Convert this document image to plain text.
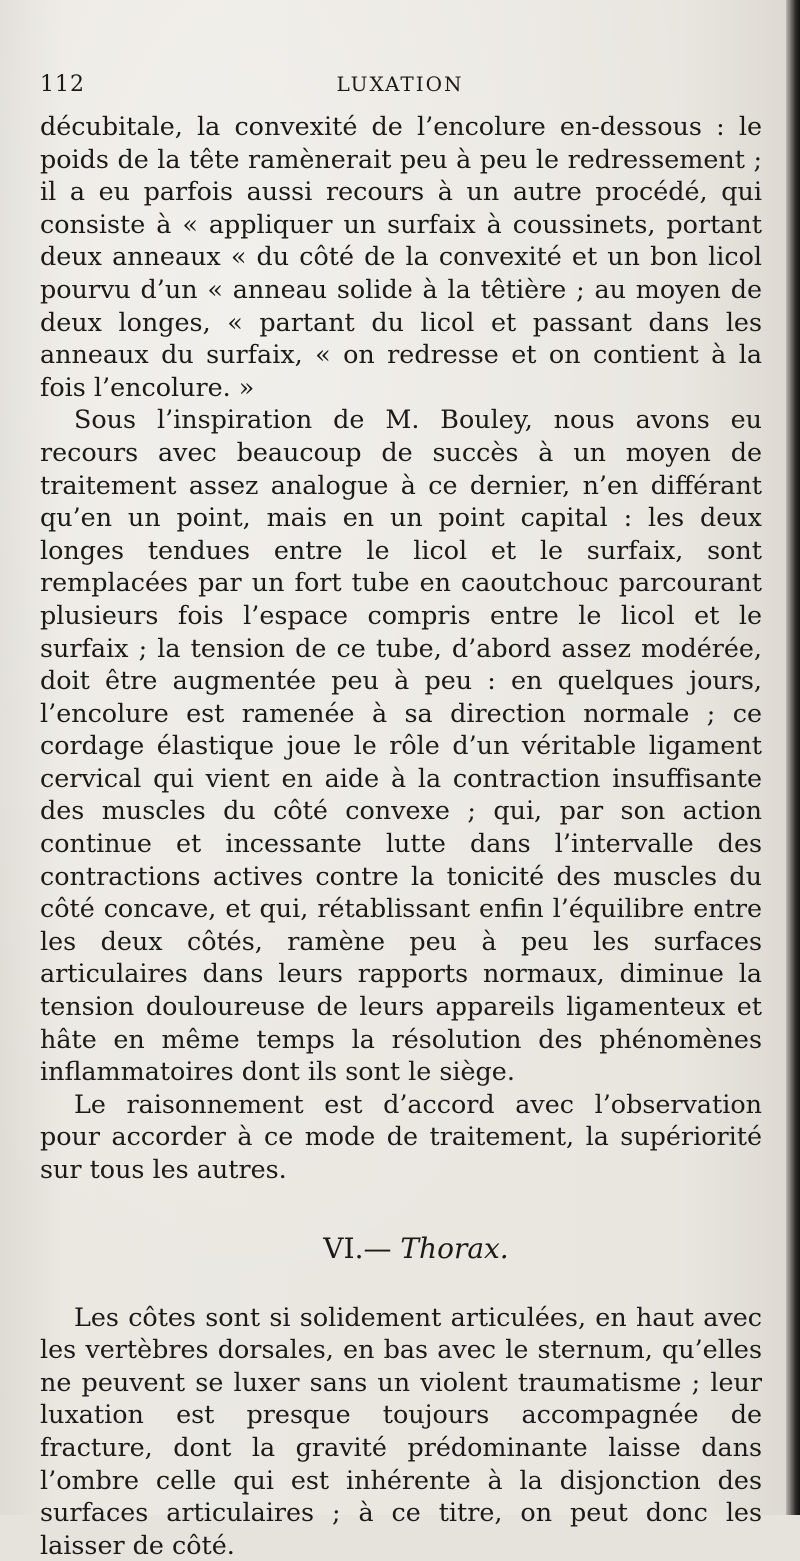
112	LUXATION

décubitale, la convexité de l’encolure en-dessous : le poids de la tête ramènerait peu à peu le redressement ; il a eu parfois aussi recours à un autre procédé, qui consiste à « appliquer un surfaix à coussinets, portant deux anneaux « du côté de la convexité et un bon licol pourvu d’un « anneau solide à la têtière ; au moyen de deux longes, « partant du licol et passant dans les anneaux du surfaix, « on redresse et on contient à la fois l’encolure. »

Sous l’inspiration de M. Bouley, nous avons eu recours avec beaucoup de succès à un moyen de traitement assez analogue à ce dernier, n’en différant qu’en un point, mais en un point capital : les deux longes tendues entre le licol et le surfaix, sont remplacées par un fort tube en caoutchouc parcourant plusieurs fois l’espace compris entre le licol et le surfaix ; la tension de ce tube, d’abord assez modérée, doit être augmentée peu à peu : en quelques jours, l’encolure est ramenée à sa direction normale ; ce cordage élastique joue le rôle d’un véritable ligament cervical qui vient en aide à la contraction insuffisante des muscles du côté convexe ; qui, par son action continue et incessante lutte dans l’intervalle des contractions actives contre la tonicité des muscles du côté concave, et qui, rétablissant enfin l’équilibre entre les deux côtés, ramène peu à peu les surfaces articulaires dans leurs rapports normaux, diminue la tension douloureuse de leurs appareils ligamenteux et hâte en même temps la résolution des phénomènes inflammatoires dont ils sont le siège.

Le raisonnement est d’accord avec l’observation pour accorder à ce mode de traitement, la supériorité sur tous les autres.

VI.— Thorax.

Les côtes sont si solidement articulées, en haut avec les vertèbres dorsales, en bas avec le sternum, qu’elles ne peuvent se luxer sans un violent traumatisme ; leur luxation est presque toujours accompagnée de fracture, dont la gravité prédominante laisse dans l’ombre celle qui est inhérente à la disjonction des surfaces articulaires ; à ce titre, on peut donc les laisser de côté.
